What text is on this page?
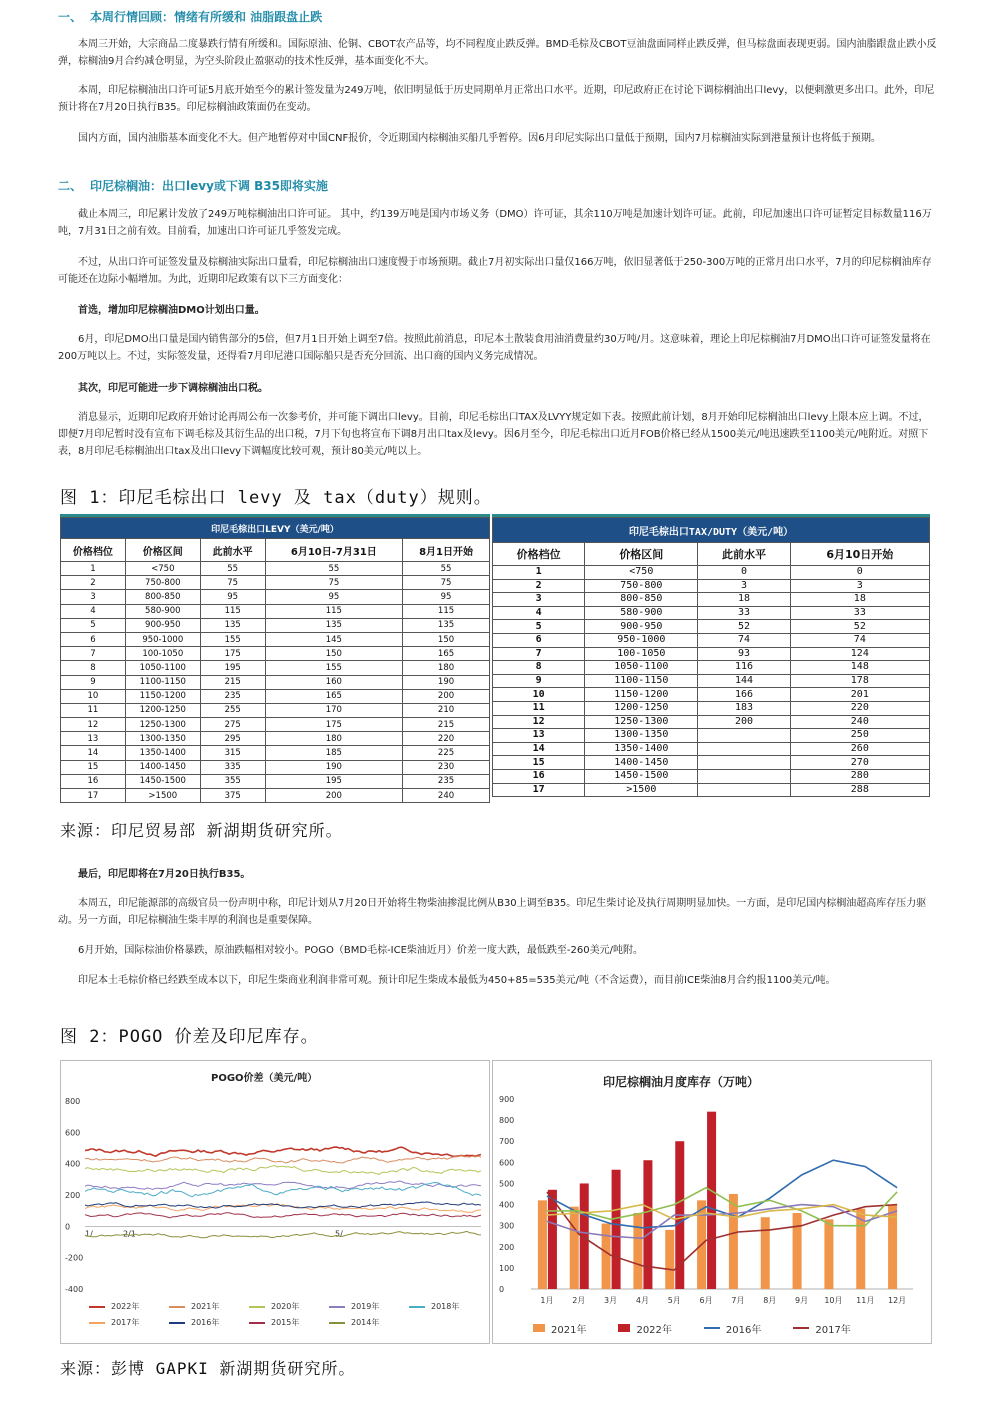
一、 本周行情回顾：情绪有所缓和 油脂跟盘止跌

本周三开始，大宗商品二度暴跌行情有所缓和。国际原油、伦铜、CBOT农产品等，均不同程度止跌反弹。BMD毛棕及CBOT豆油盘面同样止跌反弹，但马棕盘面表现更弱。国内油脂跟盘止跌小反弹，棕榈油9月合约减仓明显，为空头阶段止盈驱动的技术性反弹，基本面变化不大。

本周，印尼棕榈油出口许可证5月底开始至今的累计签发量为249万吨，依旧明显低于历史同期单月正常出口水平。近期，印尼政府正在讨论下调棕榈油出口levy，以便刺激更多出口。此外，印尼预计将在7月20日执行B35。印尼棕榈油政策面仍在变动。

国内方面，国内油脂基本面变化不大。但产地暂停对中国CNF报价，令近期国内棕榈油买船几乎暂停。因6月印尼实际出口量低于预期，国内7月棕榈油实际到港量预计也将低于预期。

二、 印尼棕榈油：出口levy或下调 B35即将实施

截止本周三，印尼累计发放了249万吨棕榈油出口许可证。 其中，约139万吨是国内市场义务（DMO）许可证，其余110万吨是加速计划许可证。此前，印尼加速出口许可证暂定目标数量116万吨，7月31日之前有效。目前看，加速出口许可证几乎签发完成。

不过，从出口许可证签发量及棕榈油实际出口量看，印尼棕榈油出口速度慢于市场预期。截止7月初实际出口量仅166万吨，依旧显著低于250-300万吨的正常月出口水平，7月的印尼棕榈油库存可能还在边际小幅增加。为此，近期印尼政策有以下三方面变化：

首选，增加印尼棕榈油DMO计划出口量。

6月，印尼DMO出口量是国内销售部分的5倍，但7月1日开始上调至7倍。按照此前消息，印尼本土散装食用油消费量约30万吨/月。这意味着，理论上印尼棕榈油7月DMO出口许可证签发量将在200万吨以上。不过，实际签发量，还得看7月印尼港口国际船只是否充分回流、出口商的国内义务完成情况。

其次，印尼可能进一步下调棕榈油出口税。

消息显示，近期印尼政府开始讨论再周公布一次参考价，并可能下调出口levy。目前，印尼毛棕出口TAX及LVYY规定如下表。按照此前计划，8月开始印尼棕榈油出口levy上限本应上调。不过，即便7月印尼暂时没有宣布下调毛棕及其衍生品的出口税，7月下旬也将宣布下调8月出口tax及levy。因6月至今，印尼毛棕出口近月FOB价格已经从1500美元/吨迅速跌至1100美元/吨附近。对照下表，8月印尼毛棕榈油出口tax及出口levy下调幅度比较可观，预计80美元/吨以上。

图 1：印尼毛棕出口 levy 及 tax（duty）规则。
印尼毛棕出口LEVY（美元/吨）				
价格档位	价格区间	此前水平	6月10日-7月31日	8月1日开始
1	<750	55	55	55
2	750-800	75	75	75
3	800-850	95	95	95
4	580-900	115	115	115
5	900-950	135	135	135
6	950-1000	155	145	150
7	100-1050	175	150	165
8	1050-1100	195	155	180
9	1100-1150	215	160	190
10	1150-1200	235	165	200
11	1200-1250	255	170	210
12	1250-1300	275	175	215
13	1300-1350	295	180	220
14	1350-1400	315	185	225
15	1400-1450	335	190	230
16	1450-1500	355	195	235
17	>1500	375	200	240
印尼毛棕出口TAX/DUTY（美元/吨）			
价格档位	价格区间	此前水平	6月10日开始
1	<750	0	0
2	750-800	3	3
3	800-850	18	18
4	580-900	33	33
5	900-950	52	52
6	950-1000	74	74
7	100-1050	93	124
8	1050-1100	116	148
9	1100-1150	144	178
10	1150-1200	166	201
11	1200-1250	183	220
12	1250-1300	200	240
13	1300-1350		250
14	1350-1400		260
15	1400-1450		270
16	1450-1500		280
17	>1500		288
来源：印尼贸易部 新湖期货研究所。

最后，印尼即将在7月20日执行B35。

本周五，印尼能源部的高级官员一份声明中称，印尼计划从7月20日开始将生物柴油掺混比例从B30上调至B35。印尼生柴讨论及执行周期明显加快。一方面，是印尼国内棕榈油超高库存压力驱动。另一方面，印尼棕榈油生柴丰厚的利润也是重要保障。

6月开始，国际棕油价格暴跌，原油跌幅相对较小。POGO（BMD毛棕-ICE柴油近月）价差一度大跌，最低跌至-260美元/吨附。

印尼本土毛棕价格已经跌至成本以下，印尼生柴商业利润非常可观。预计印尼生柴成本最低为450+85=535美元/吨（不含运费），而目前ICE柴油8月合约报1100美元/吨。

图 2：POGO 价差及印尼库存。
POGO价差（美元/吨）
800
600
400
200
0
-200
-400
1/	2/1	5/
2022年	2021年	2020年	2019年	2018年
2017年	2016年	2015年	2014年
印尼棕榈油月度库存（万吨）
900
800
700
600
500
400
300
200
100
0
1月 2月 3月 4月 5月 6月 7月 8月 9月 10月 11月 12月
2021年	2022年	2016年	2017年
来源：彭博 GAPKI 新湖期货研究所。
